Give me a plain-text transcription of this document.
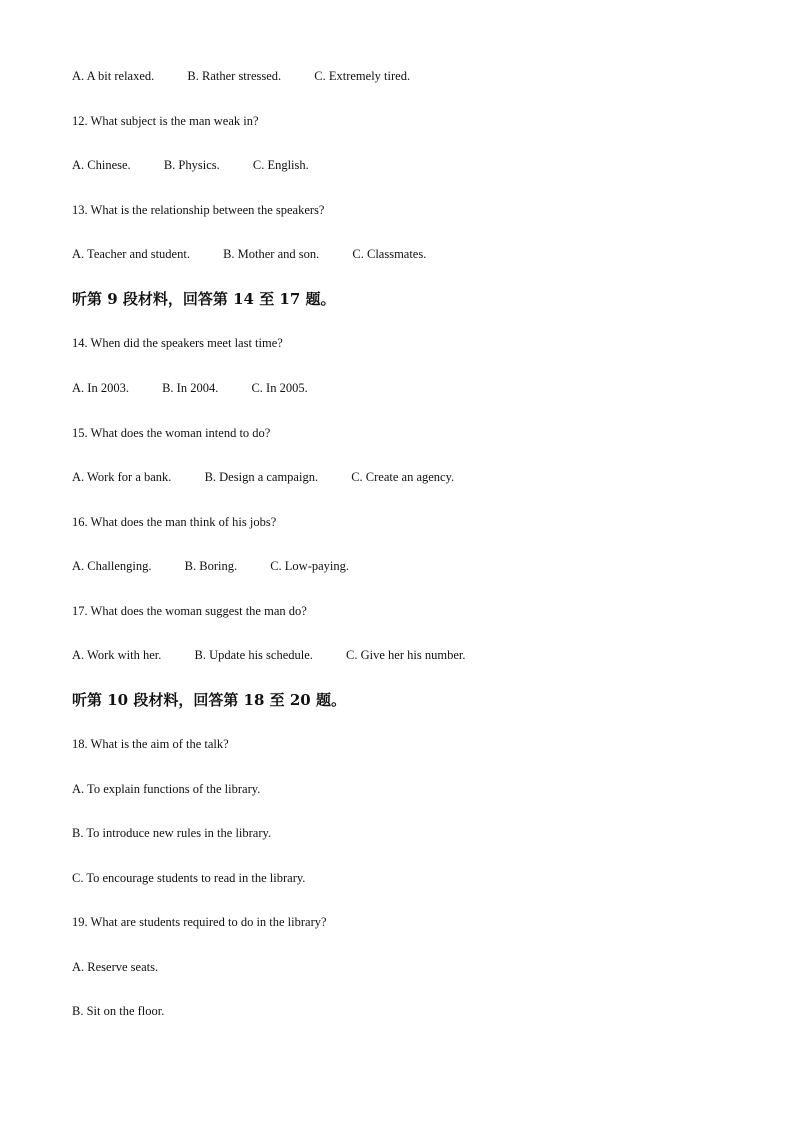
A. A bit relaxed.	B. Rather stressed.	C. Extremely tired.
12. What subject is the man weak in?
A. Chinese.	B. Physics.	C. English.
13. What is the relationship between the speakers?
A. Teacher and student.	B. Mother and son.	C. Classmates.
听第 9 段材料，回答第 14 至 17 题。
14. When did the speakers meet last time?
A. In 2003.	B. In 2004.	C. In 2005.
15. What does the woman intend to do?
A. Work for a bank.	B. Design a campaign.	C. Create an agency.
16. What does the man think of his jobs?
A. Challenging.	B. Boring.	C. Low-paying.
17. What does the woman suggest the man do?
A. Work with her.	B. Update his schedule.	C. Give her his number.
听第 10 段材料，回答第 18 至 20 题。
18. What is the aim of the talk?
A. To explain functions of the library.
B. To introduce new rules in the library.
C. To encourage students to read in the library.
19. What are students required to do in the library?
A. Reserve seats.
B. Sit on the floor.
